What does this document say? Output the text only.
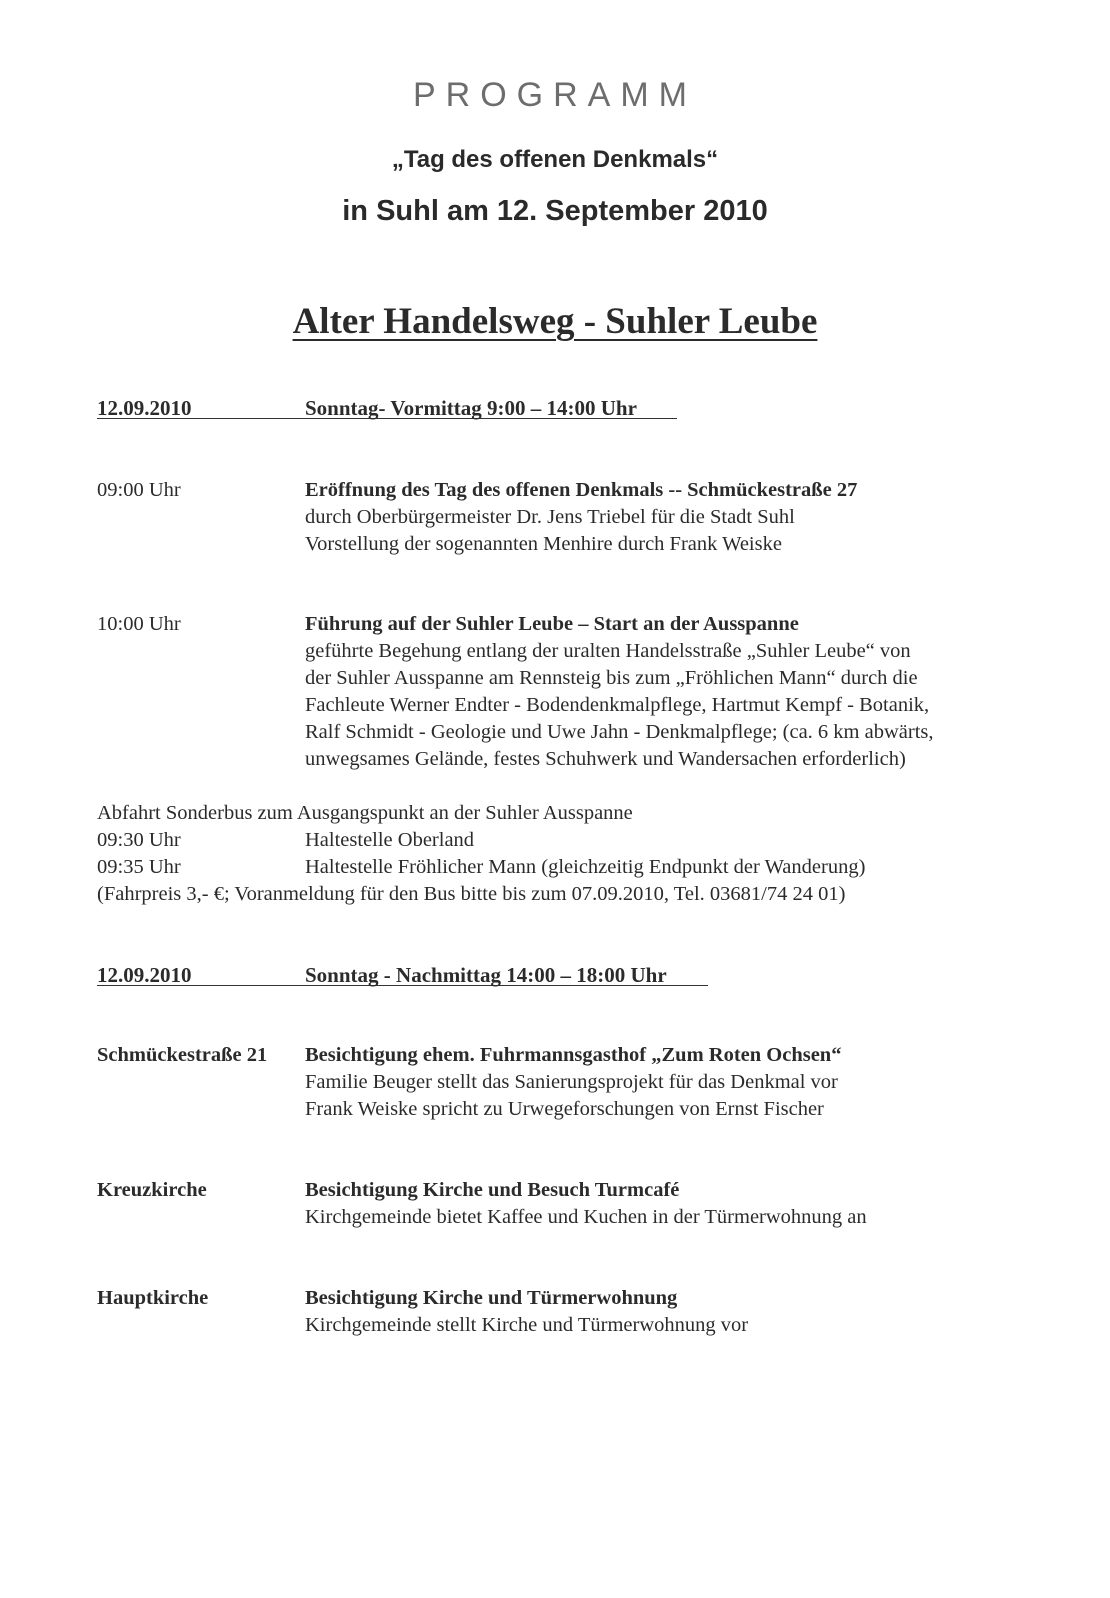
PROGRAMM
„Tag des offenen Denkmals“
in Suhl am 12. September 2010
Alter Handelsweg - Suhler Leube
12.09.2010	Sonntag- Vormittag 9:00 – 14:00 Uhr
09:00 Uhr	Eröffnung des Tag des offenen Denkmals -- Schmückestraße 27
durch Oberbürgermeister Dr. Jens Triebel für die Stadt Suhl
Vorstellung der sogenannten Menhire durch Frank Weiske
10:00 Uhr	Führung auf der Suhler Leube – Start an der Ausspanne
geführte Begehung entlang der uralten Handelsstraße „Suhler Leube“ von
der Suhler Ausspanne am Rennsteig bis zum „Fröhlichen Mann“ durch die
Fachleute Werner Endter - Bodendenkmalpflege, Hartmut Kempf - Botanik,
Ralf Schmidt - Geologie und Uwe Jahn - Denkmalpflege; (ca. 6 km abwärts,
unwegsames Gelände, festes Schuhwerk und Wandersachen erforderlich)
Abfahrt Sonderbus zum Ausgangspunkt an der Suhler Ausspanne
09:30 Uhr	Haltestelle Oberland
09:35 Uhr	Haltestelle Fröhlicher Mann (gleichzeitig Endpunkt der Wanderung)
(Fahrpreis 3,- €; Voranmeldung für den Bus bitte bis zum 07.09.2010, Tel. 03681/74 24 01)
12.09.2010	Sonntag - Nachmittag 14:00 – 18:00 Uhr
Schmückestraße 21 Besichtigung ehem. Fuhrmannsgasthof „Zum Roten Ochsen“
Familie Beuger stellt das Sanierungsprojekt für das Denkmal vor
Frank Weiske spricht zu Urwegeforschungen von Ernst Fischer
Kreuzkirche	Besichtigung Kirche und Besuch Turmcafé
Kirchgemeinde bietet Kaffee und Kuchen in der Türmerwohnung an
Hauptkirche	Besichtigung Kirche und Türmerwohnung
Kirchgemeinde stellt Kirche und Türmerwohnung vor
